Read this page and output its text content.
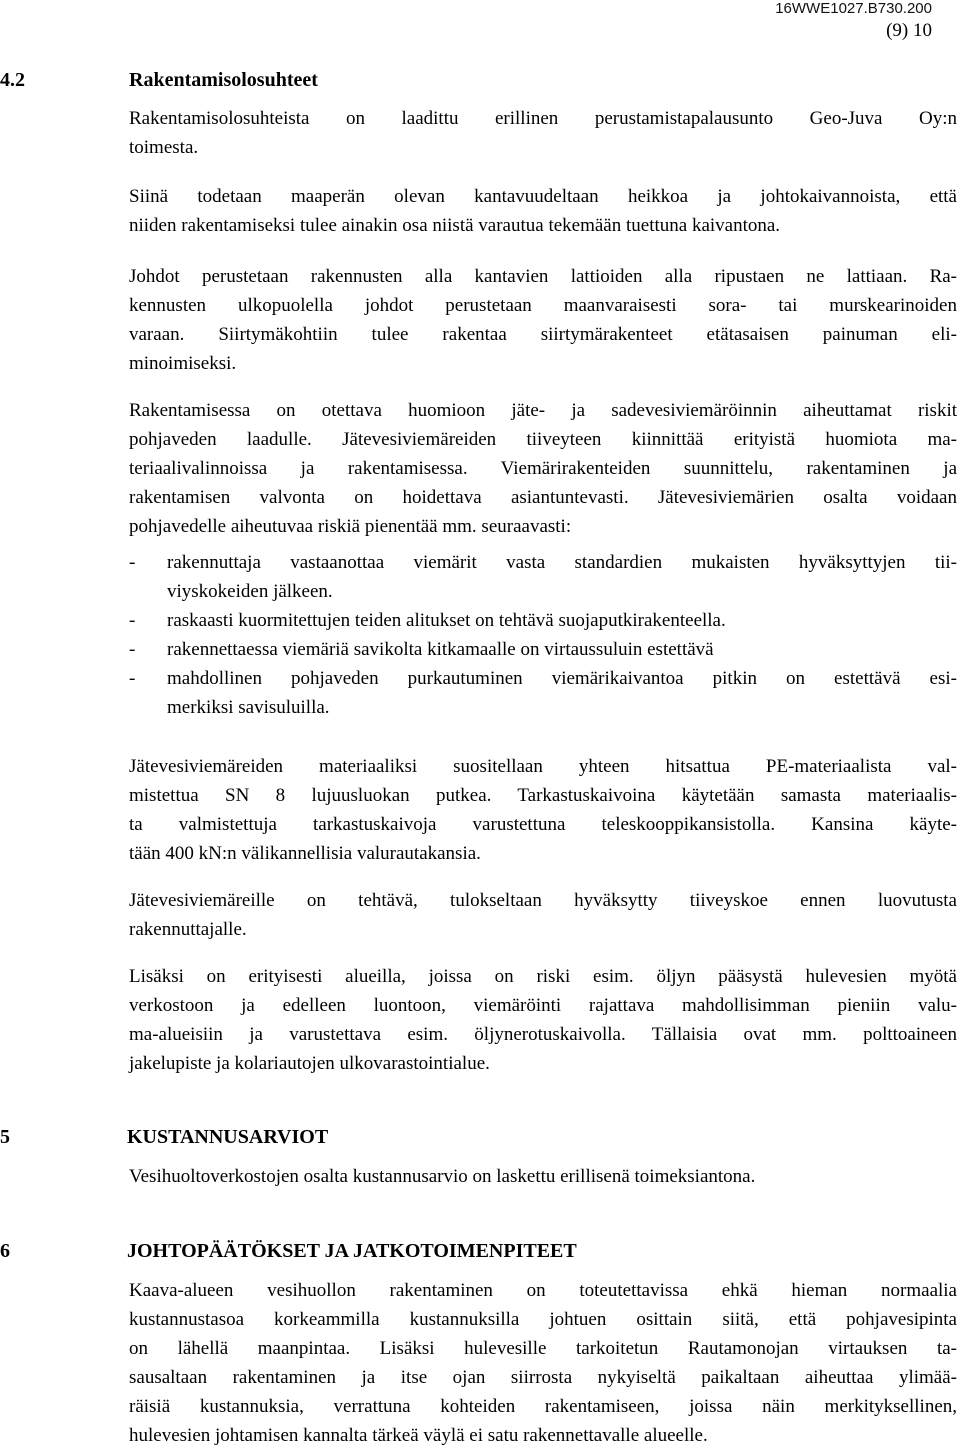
16WWE1027.B730.200
(9) 10
4.2	Rakentamisolosuhteet
Rakentamisolosuhteista on laadittu erillinen perustamistapalausunto Geo-Juva Oy:n
toimesta.
Siinä todetaan maaperän olevan kantavuudeltaan heikkoa ja johtokaivannoista, että
niiden rakentamiseksi tulee ainakin osa niistä varautua tekemään tuettuna kaivantona.
Johdot perustetaan rakennusten alla kantavien lattioiden alla ripustaen ne lattiaan. Ra-
kennusten ulkopuolella johdot perustetaan maanvaraisesti sora- tai murskearinoiden
varaan. Siirtymäkohtiin tulee rakentaa siirtymärakenteet etätasaisen painuman eli-
minoimiseksi.
Rakentamisessa on otettava huomioon jäte- ja sadevesiviemäröinnin aiheuttamat riskit
pohjaveden laadulle. Jätevesiviemäreiden tiiveyteen kiinnittää erityistä huomiota ma-
teriaalivalinnoissa ja rakentamisessa. Viemärirakenteiden suunnittelu, rakentaminen ja
rakentamisen valvonta on hoidettava asiantuntevasti. Jätevesiviemärien osalta voidaan
pohjavedelle aiheutuvaa riskiä pienentää mm. seuraavasti:
- rakennuttaja vastaanottaa viemärit vasta standardien mukaisten hyväksyttyjen tii-
viyskokeiden jälkeen.
- raskaasti kuormitettujen teiden alitukset on tehtävä suojaputkirakenteella.
- rakennettaessa viemäriä savikolta kitkamaalle on virtaussuluin estettävä
- mahdollinen pohjaveden purkautuminen viemärikaivantoa pitkin on estettävä esi-
merkiksi savisuluilla.
Jätevesiviemäreiden materiaaliksi suositellaan yhteen hitsattua PE-materiaalista val-
mistettua SN 8 lujuusluokan putkea. Tarkastuskaivoina käytetään samasta materiaalis-
ta valmistettuja tarkastuskaivoja varustettuna teleskooppikansistolla. Kansina käyte-
tään 400 kN:n välikannellisia valurautakansia.
Jätevesiviemäreille on tehtävä, tulokseltaan hyväksytty tiiveyskoe ennen luovutusta
rakennuttajalle.
Lisäksi on erityisesti alueilla, joissa on riski esim. öljyn pääsystä hulevesien myötä
verkostoon ja edelleen luontoon, viemäröinti rajattava mahdollisimman pieniin valu-
ma-alueisiin ja varustettava esim. öljynerotuskaivolla. Tällaisia ovat mm. polttoaineen
jakelupiste ja kolariautojen ulkovarastointialue.
5	KUSTANNUSARVIOT
Vesihuoltoverkostojen osalta kustannusarvio on laskettu erillisenä toimeksiantona.
6	JOHTOPÄÄTÖKSET JA JATKOTOIMENPITEET
Kaava-alueen vesihuollon rakentaminen on toteutettavissa ehkä hieman normaalia
kustannustasoa korkeammilla kustannuksilla johtuen osittain siitä, että pohjavesipinta
on lähellä maanpintaa. Lisäksi hulevesille tarkoitetun Rautamonojan virtauksen ta-
sausaltaan rakentaminen ja itse ojan siirrosta nykyiseltä paikaltaan aiheuttaa ylimää-
räisiä kustannuksia, verrattuna kohteiden rakentamiseen, joissa näin merkityksellinen,
hulevesien johtamisen kannalta tärkeä väylä ei satu rakennettavalle alueelle.
